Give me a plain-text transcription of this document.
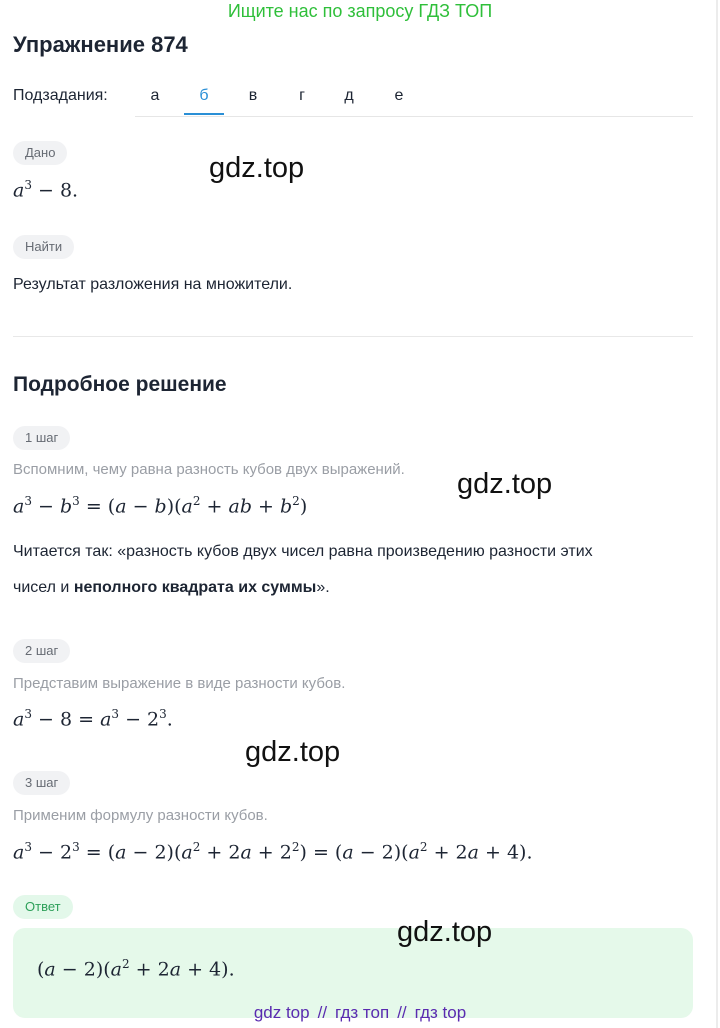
Ищите нас по запросу ГДЗ ТОП
Упражнение 874
Подзадания:	а	б	в	г	д	е
Дано
$a^3 - 8$.
gdz.top
Найти
Результат разложения на множители.
Подробное решение
1 шаг
Вспомним, чему равна разность кубов двух выражений.
$a^3 - b^3 = (a - b)(a^2$ + ab + $b^2$)
gdz.top
Читается так: «разность кубов двух чисел равна произведению разности этих
чисел и неполного квадрата их суммы».
2 шаг
Представим выражение в виде разности кубов.
$a^3 - 8 = a^3 - 2^3$.
gdz.top
3 шаг
Применим формулу разности кубов.
$a^3 - 2^3 = (a - 2)(a^2 + 2a + 2^2) = (a - 2)(a^2 + 2a + 4)$.
Ответ
$(a - 2)(a^2 + 2a + 4)$.
gdz.top
gdz top // гдз топ // гдз top
